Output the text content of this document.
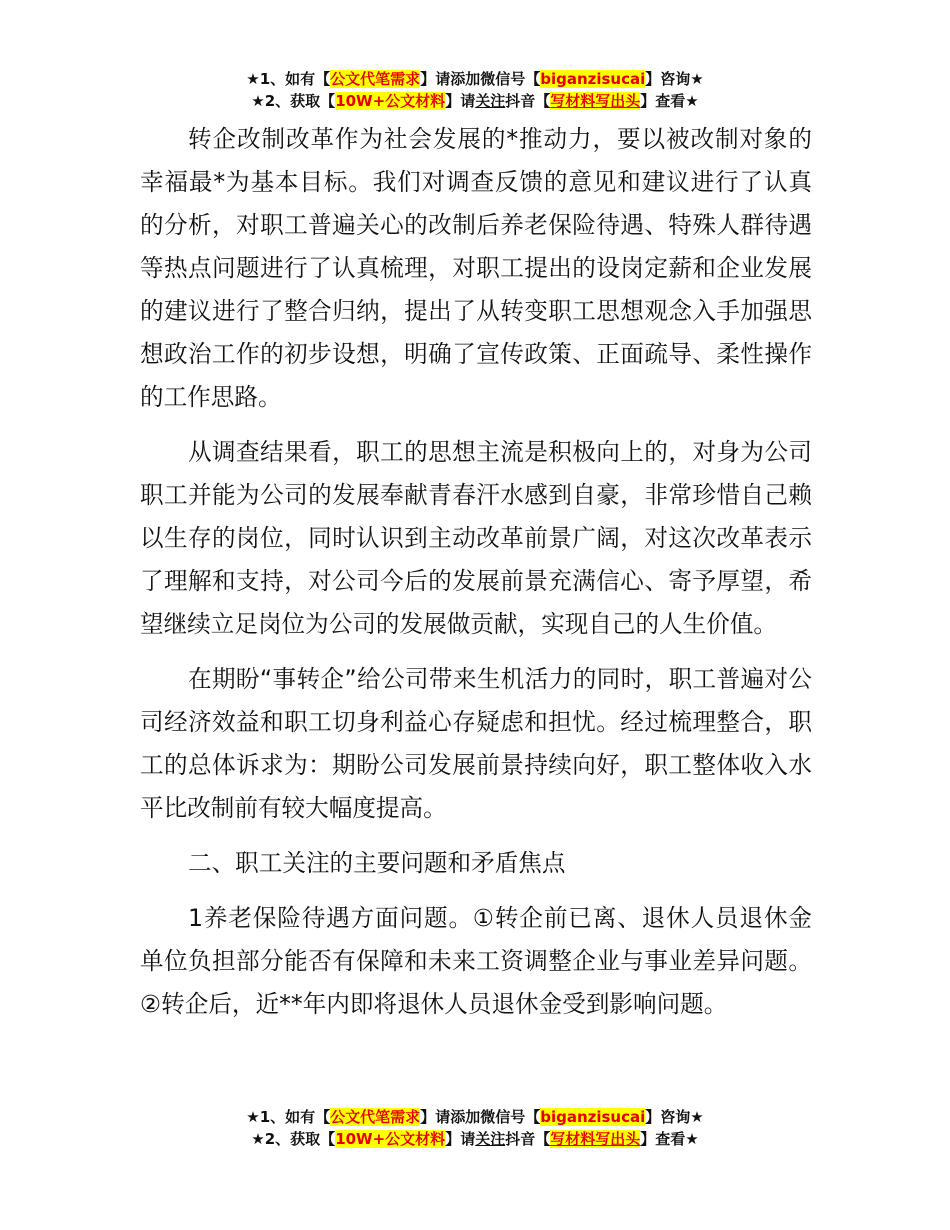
★1、如有【公文代笔需求】请添加微信号【biganzisucai】咨询★
★2、获取【10W+公文材料】请关注抖音【写材料写出头】查看★

转企改制改革作为社会发展的*推动力，要以被改制对象的幸福最*为基本目标。我们对调查反馈的意见和建议进行了认真的分析，对职工普遍关心的改制后养老保险待遇、特殊人群待遇等热点问题进行了认真梳理，对职工提出的设岗定薪和企业发展的建议进行了整合归纳，提出了从转变职工思想观念入手加强思想政治工作的初步设想，明确了宣传政策、正面疏导、柔性操作的工作思路。

从调查结果看，职工的思想主流是积极向上的，对身为公司职工并能为公司的发展奉献青春汗水感到自豪，非常珍惜自己赖以生存的岗位，同时认识到主动改革前景广阔，对这次改革表示了理解和支持，对公司今后的发展前景充满信心、寄予厚望，希望继续立足岗位为公司的发展做贡献，实现自己的人生价值。

在期盼“事转企”给公司带来生机活力的同时，职工普遍对公司经济效益和职工切身利益心存疑虑和担忧。经过梳理整合，职工的总体诉求为：期盼公司发展前景持续向好，职工整体收入水平比改制前有较大幅度提高。

二、职工关注的主要问题和矛盾焦点

1养老保险待遇方面问题。①转企前已离、退休人员退休金单位负担部分能否有保障和未来工资调整企业与事业差异问题。②转企后，近**年内即将退休人员退休金受到影响问题。

★1、如有【公文代笔需求】请添加微信号【biganzisucai】咨询★
★2、获取【10W+公文材料】请关注抖音【写材料写出头】查看★
